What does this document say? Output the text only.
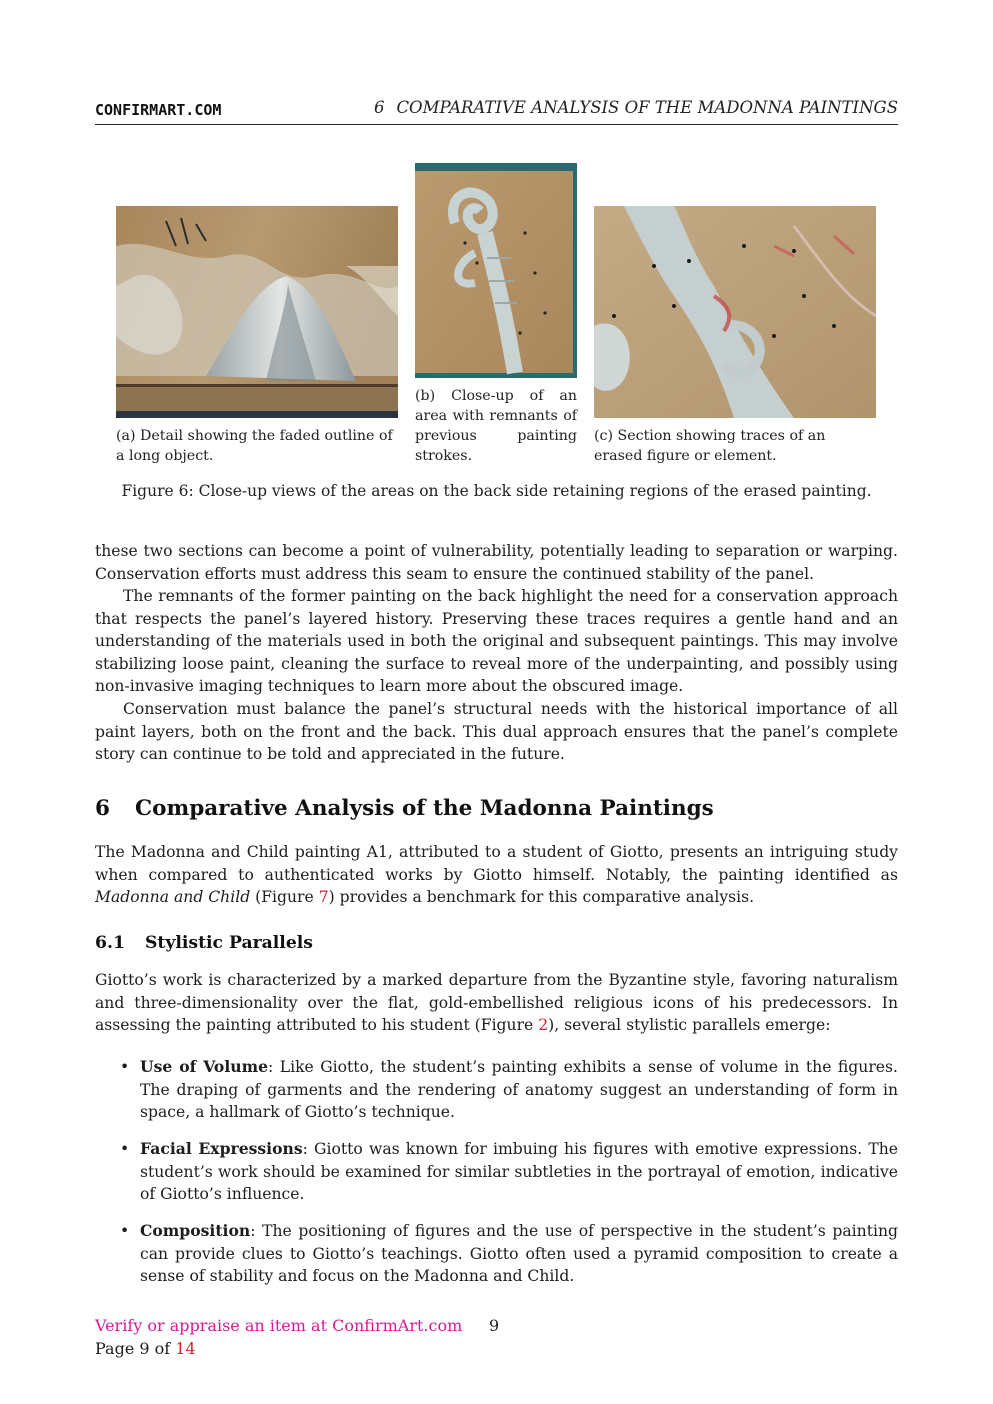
CONFIRMART.COM	6 COMPARATIVE ANALYSIS OF THE MADONNA PAINTINGS
(a) Detail showing the faded outline of a long object.
(b) Close-up of an area with remnants of previous painting strokes.
(c) Section showing traces of an erased figure or element.
Figure 6: Close-up views of the areas on the back side retaining regions of the erased painting.

these two sections can become a point of vulnerability, potentially leading to separation or warping. Conservation efforts must address this seam to ensure the continued stability of the panel.

The remnants of the former painting on the back highlight the need for a conservation approach that respects the panel’s layered history. Preserving these traces requires a gentle hand and an understanding of the materials used in both the original and subsequent paintings. This may involve stabilizing loose paint, cleaning the surface to reveal more of the underpainting, and possibly using non-invasive imaging techniques to learn more about the obscured image.

Conservation must balance the panel’s structural needs with the historical importance of all paint layers, both on the front and the back. This dual approach ensures that the panel’s complete story can continue to be told and appreciated in the future.

6 Comparative Analysis of the Madonna Paintings

The Madonna and Child painting A1, attributed to a student of Giotto, presents an intriguing study when compared to authenticated works by Giotto himself. Notably, the painting identified as Madonna and Child (Figure 7) provides a benchmark for this comparative analysis.

6.1 Stylistic Parallels

Giotto’s work is characterized by a marked departure from the Byzantine style, favoring naturalism and three-dimensionality over the flat, gold-embellished religious icons of his predecessors. In assessing the painting attributed to his student (Figure 2), several stylistic parallels emerge:

• Use of Volume: Like Giotto, the student’s painting exhibits a sense of volume in the figures. The draping of garments and the rendering of anatomy suggest an understanding of form in space, a hallmark of Giotto’s technique.
• Facial Expressions: Giotto was known for imbuing his figures with emotive expressions. The student’s work should be examined for similar subtleties in the portrayal of emotion, indicative of Giotto’s influence.
• Composition: The positioning of figures and the use of perspective in the student’s painting can provide clues to Giotto’s teachings. Giotto often used a pyramid composition to create a sense of stability and focus on the Madonna and Child.
Verify or appraise an item at ConfirmArt.com 9
Page 9 of 14
